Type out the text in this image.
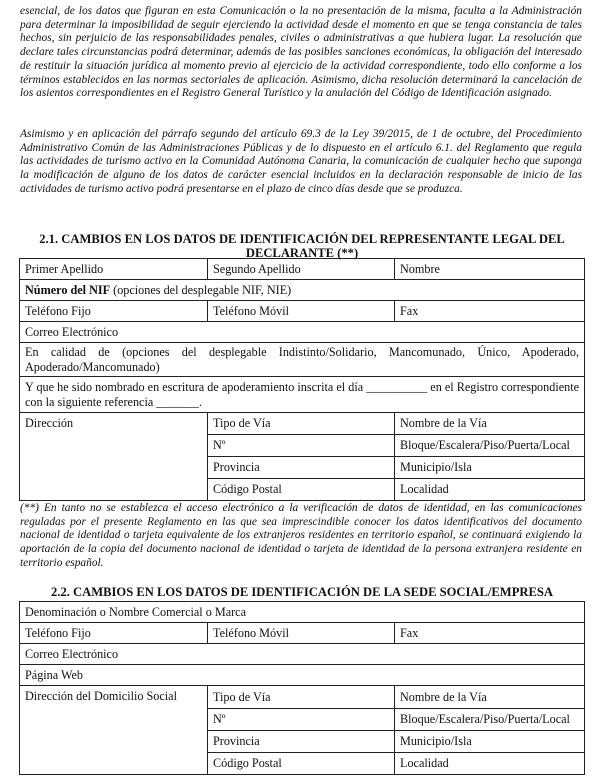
esencial, de los datos que figuran en esta Comunicación o la no presentación de la misma, faculta a la Administración para determinar la imposibilidad de seguir ejerciendo la actividad desde el momento en que se tenga constancia de tales hechos, sin perjuicio de las responsabilidades penales, civiles o administrativas a que hubiera lugar. La resolución que declare tales circunstancias podrá determinar, además de las posibles sanciones económicas, la obligación del interesado de restituir la situación jurídica al momento previo al ejercicio de la actividad correspondiente, todo ello conforme a los términos establecidos en las normas sectoriales de aplicación. Asimismo, dicha resolución determinará la cancelación de los asientos correspondientes en el Registro General Turístico y la anulación del Código de Identificación asignado.

Asimismo y en aplicación del párrafo segundo del artículo 69.3 de la Ley 39/2015, de 1 de octubre, del Procedimiento Administrativo Común de las Administraciones Públicas y de lo dispuesto en el artículo 6.1. del Reglamento que regula las actividades de turismo activo en la Comunidad Autónoma Canaria, la comunicación de cualquier hecho que suponga la modificación de alguno de los datos de carácter esencial incluidos en la declaración responsable de inicio de las actividades de turismo activo podrá presentarse en el plazo de cinco días desde que se produzca.

2.1. CAMBIOS EN LOS DATOS DE IDENTIFICACIÓN DEL REPRESENTANTE LEGAL DEL DECLARANTE (**)

Primer Apellido	Segundo Apellido	Nombre
Número del NIF (opciones del desplegable NIF, NIE)		
Teléfono Fijo	Teléfono Móvil	Fax
Correo Electrónico		
En calidad de (opciones del desplegable Indistinto/Solidario, Mancomunado, Único, Apoderado, Apoderado/Mancomunado)		
Y que he sido nombrado en escritura de apoderamiento inscrita el día __________ en el Registro correspondiente con la siguiente referencia _______.		
Dirección	Tipo de Vía	Nombre de la Vía
	Nº	Bloque/Escalera/Piso/Puerta/Local
	Provincia	Municipio/Isla
	Código Postal	Localidad

(**) En tanto no se establezca el acceso electrónico a la verificación de datos de identidad, en las comunicaciones reguladas por el presente Reglamento en las que sea imprescindible conocer los datos identificativos del documento nacional de identidad o tarjeta equivalente de los extranjeros residentes en territorio español, se continuará exigiendo la aportación de la copia del documento nacional de identidad o tarjeta de identidad de la persona extranjera residente en territorio español.

2.2. CAMBIOS EN LOS DATOS DE IDENTIFICACIÓN DE LA SEDE SOCIAL/EMPRESA

Denominación o Nombre Comercial o Marca		
Teléfono Fijo	Teléfono Móvil	Fax
Correo Electrónico		
Página Web		
Dirección del Domicilio Social	Tipo de Vía	Nombre de la Vía
	Nº	Bloque/Escalera/Piso/Puerta/Local
	Provincia	Municipio/Isla
	Código Postal	Localidad
